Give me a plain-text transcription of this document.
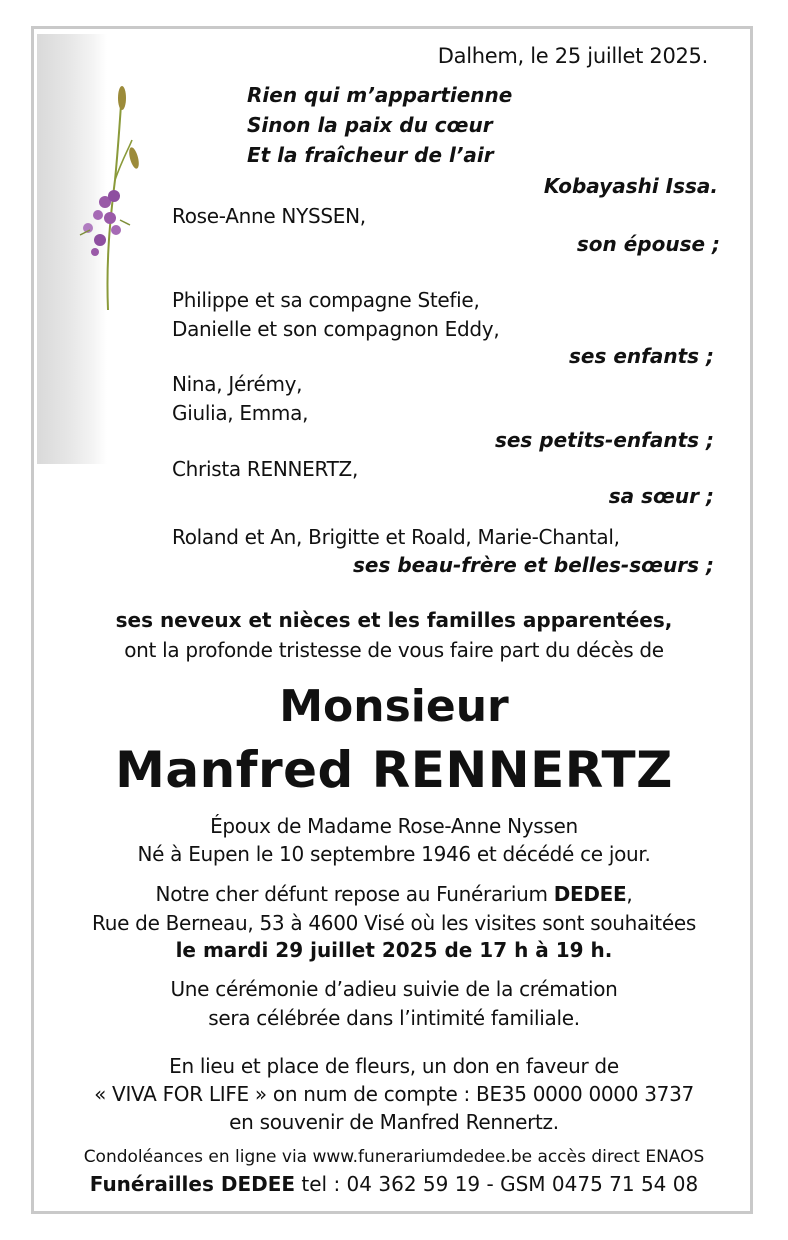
Dalhem, le 25 juillet 2025.
Rien qui m’appartienne
Sinon la paix du cœur
Et la fraîcheur de l’air
Kobayashi Issa.
Rose-Anne NYSSEN,
son épouse ;
Philippe et sa compagne Stefie,
Danielle et son compagnon Eddy,
ses enfants ;
Nina, Jérémy,
Giulia, Emma,
ses petits-enfants ;
Christa RENNERTZ,
sa sœur ;
Roland et An, Brigitte et Roald, Marie-Chantal,
ses beau-frère et belles-sœurs ;
ses neveux et nièces et les familles apparentées,
ont la profonde tristesse de vous faire part du décès de
Monsieur
Manfred RENNERTZ
Époux de Madame Rose-Anne Nyssen
Né à Eupen le 10 septembre 1946 et décédé ce jour.
Notre cher défunt repose au Funérarium DEDEE,
Rue de Berneau, 53 à 4600 Visé où les visites sont souhaitées
le mardi 29 juillet 2025 de 17 h à 19 h.
Une cérémonie d’adieu suivie de la crémation
sera célébrée dans l’intimité familiale.
En lieu et place de fleurs, un don en faveur de
« VIVA FOR LIFE » on num de compte : BE35 0000 0000 3737
en souvenir de Manfred Rennertz.
Condoléances en ligne via www.funerariumdedee.be accès direct ENAOS
Funérailles DEDEE tel : 04 362 59 19 - GSM 0475 71 54 08
